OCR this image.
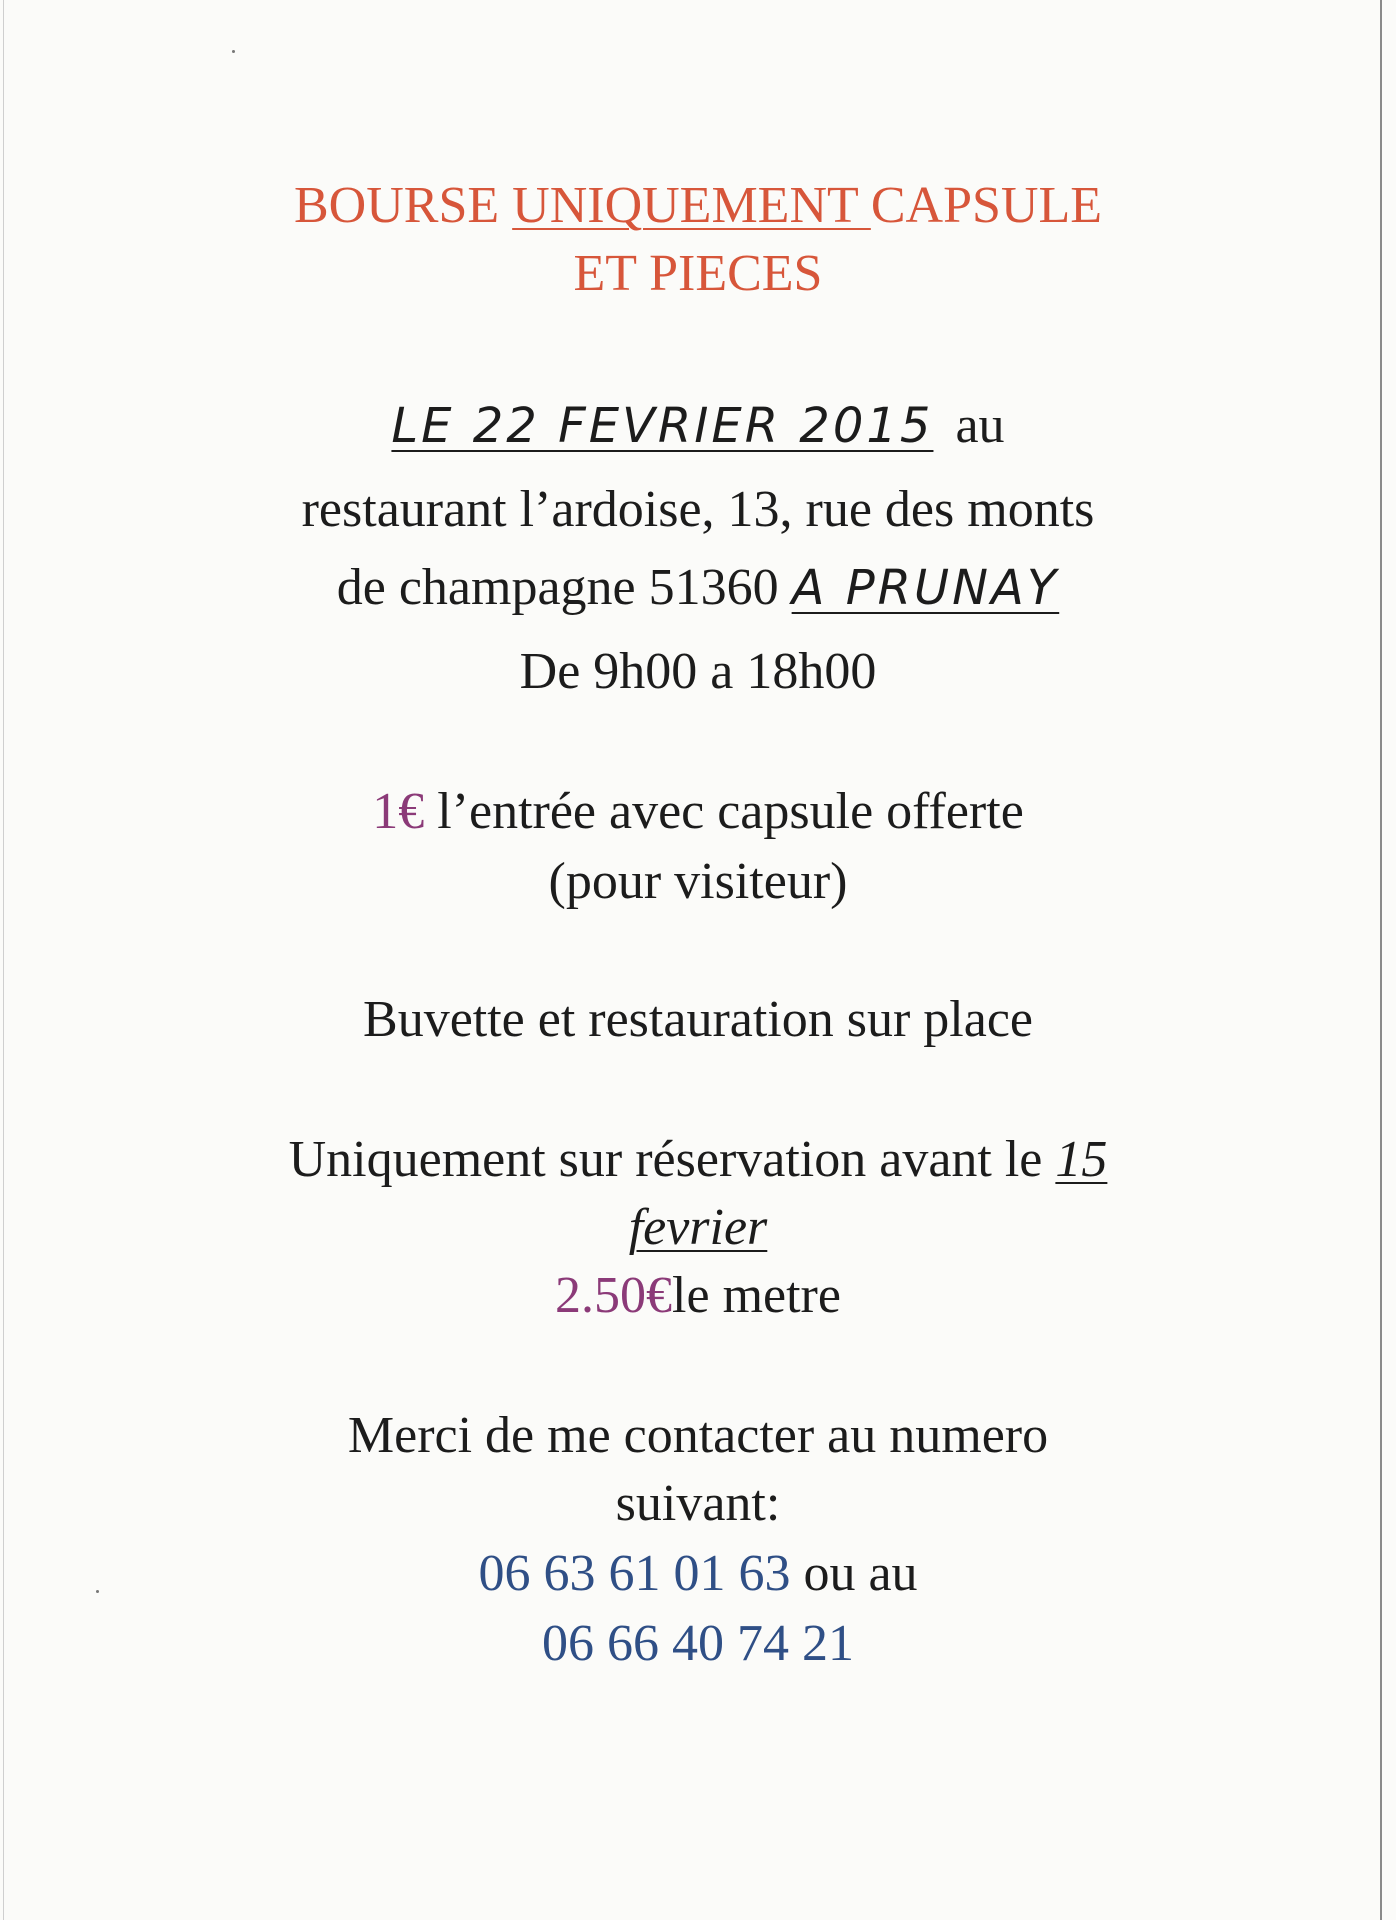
BOURSE UNIQUEMENT CAPSULE
ET PIECES
LE 22 FEVRIER 2015 au
restaurant l’ardoise, 13, rue des monts
de champagne 51360 A PRUNAY
De 9h00 a 18h00
1€ l’entrée avec capsule offerte
(pour visiteur)
Buvette et restauration sur place
Uniquement sur réservation avant le 15
fevrier
2.50€le metre
Merci de me contacter au numero
suivant:
06 63 61 01 63 ou au
06 66 40 74 21
